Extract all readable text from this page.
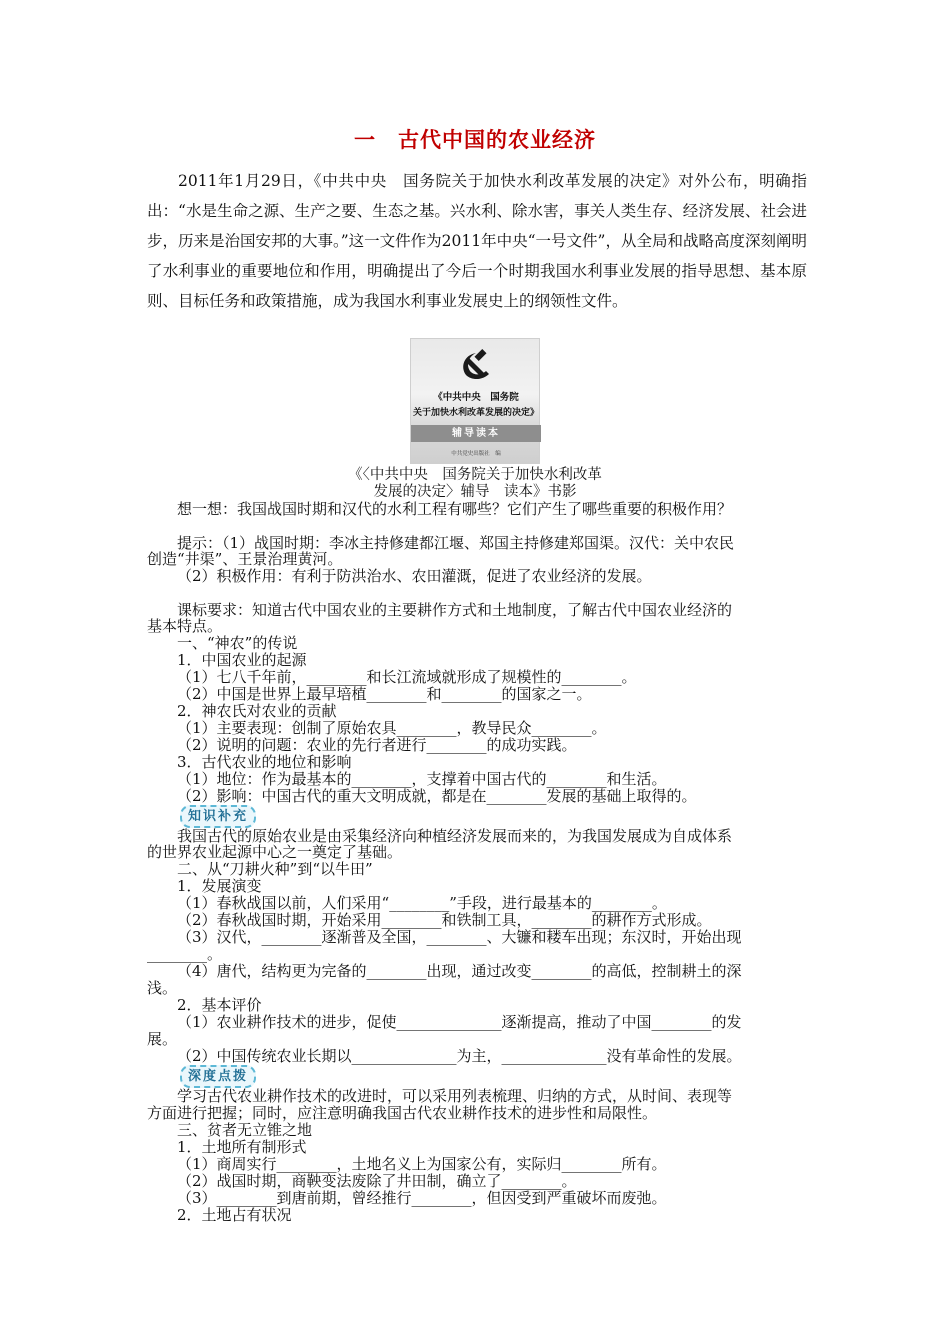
一　古代中国的农业经济
2011年1月29日，《中共中央　国务院关于加快水利改革发展的决定》对外公布，明确指出：“水是生命之源、生产之要、生态之基。兴水利、除水害，事关人类生存、经济发展、社会进步，历来是治国安邦的大事。”这一文件作为2011年中央“一号文件”，从全局和战略高度深刻阐明了水利事业的重要地位和作用，明确提出了今后一个时期我国水利事业发展的指导思想、基本原则、目标任务和政策措施，成为我国水利事业发展史上的纲领性文件。
《中共中央　国务院
关于加快水利改革发展的决定》
辅导读本
中共党史出版社　编
《〈中共中央　国务院关于加快水利改革
发展的决定〉辅导　读本》书影
想一想：我国战国时期和汉代的水利工程有哪些？它们产生了哪些重要的积极作用？
提示：（1）战国时期：李冰主持修建都江堰、郑国主持修建郑国渠。汉代：关中农民
创造“井渠”、王景治理黄河。
（2）积极作用：有利于防洪治水、农田灌溉，促进了农业经济的发展。
课标要求：知道古代中国农业的主要耕作方式和土地制度，了解古代中国农业经济的
基本特点。
一、“神农”的传说
1．中国农业的起源
（1）七八千年前，________和长江流域就形成了规模性的________。
（2）中国是世界上最早培植________和________的国家之一。
2．神农氏对农业的贡献
（1）主要表现：创制了原始农具________，教导民众________。
（2）说明的问题：农业的先行者进行________的成功实践。
3．古代农业的地位和影响
（1）地位：作为最基本的________，支撑着中国古代的________和生活。
（2）影响：中国古代的重大文明成就，都是在________发展的基础上取得的。
知识补充
我国古代的原始农业是由采集经济向种植经济发展而来的，为我国发展成为自成体系
的世界农业起源中心之一奠定了基础。
二、从“刀耕火种”到“以牛田”
1．发展演变
（1）春秋战国以前，人们采用“________”手段，进行最基本的________。
（2）春秋战国时期，开始采用________和铁制工具，________的耕作方式形成。
（3）汉代，________逐渐普及全国，________、大镰和耧车出现；东汉时，开始出现
________。
（4）唐代，结构更为完备的________出现，通过改变________的高低，控制耕土的深
浅。
2．基本评价
（1）农业耕作技术的进步，促使______________逐渐提高，推动了中国________的发
展。
（2）中国传统农业长期以______________为主，______________没有革命性的发展。
深度点拨
学习古代农业耕作技术的改进时，可以采用列表梳理、归纳的方式，从时间、表现等
方面进行把握；同时，应注意明确我国古代农业耕作技术的进步性和局限性。
三、贫者无立锥之地
1．土地所有制形式
（1）商周实行________，土地名义上为国家公有，实际归________所有。
（2）战国时期，商鞅变法废除了井田制，确立了________。
（3）________到唐前期，曾经推行________，但因受到严重破坏而废弛。
2．土地占有状况
